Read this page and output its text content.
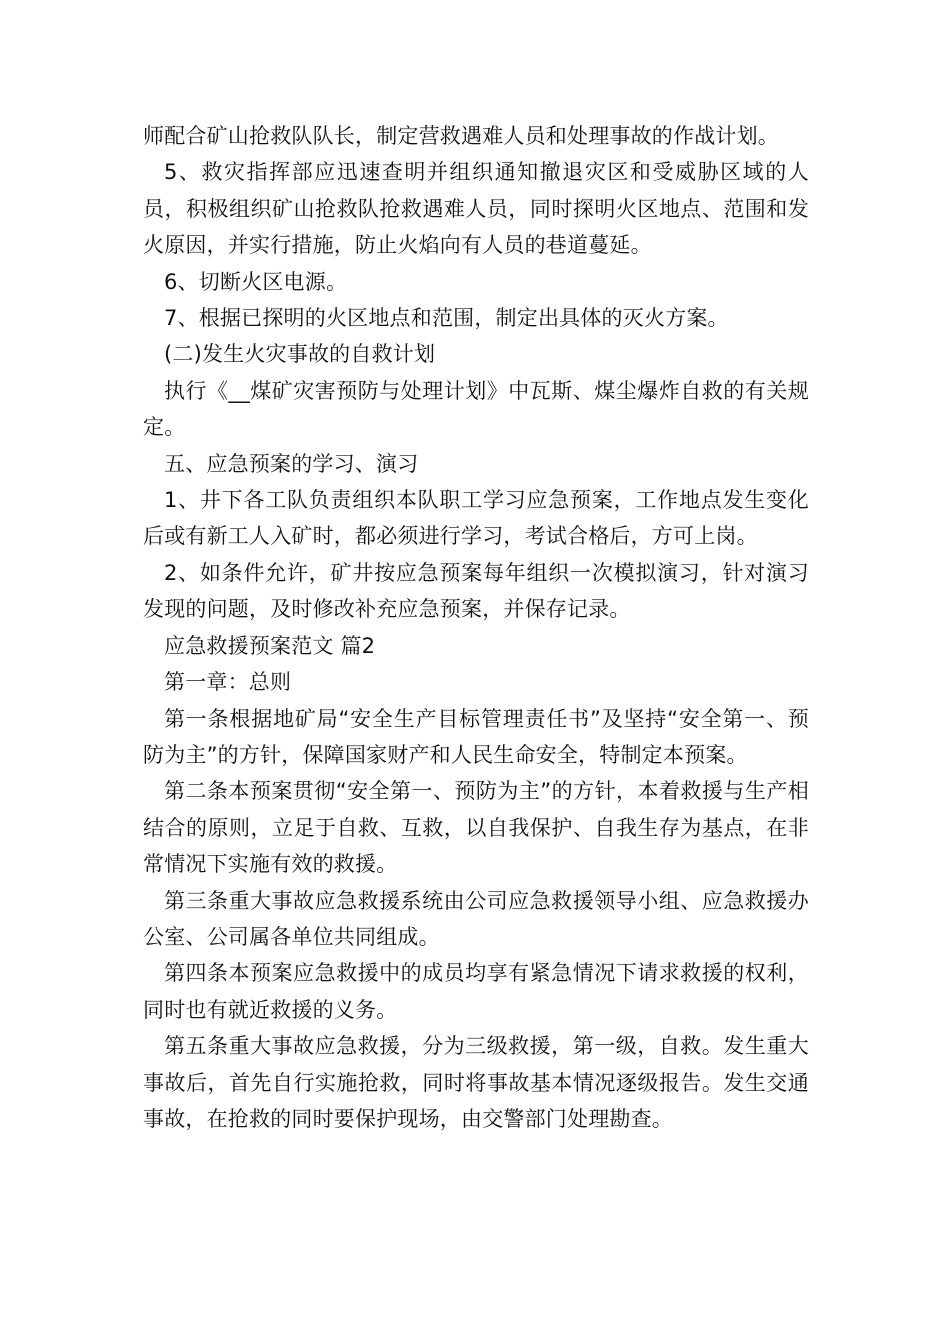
师配合矿山抢救队队长，制定营救遇难人员和处理事故的作战计划。

5、救灾指挥部应迅速查明并组织通知撤退灾区和受威胁区域的人员，积极组织矿山抢救队抢救遇难人员，同时探明火区地点、范围和发火原因，并实行措施，防止火焰向有人员的巷道蔓延。

6、切断火区电源。

7、根据已探明的火区地点和范围，制定出具体的灭火方案。

(二)发生火灾事故的自救计划

执行《__煤矿灾害预防与处理计划》中瓦斯、煤尘爆炸自救的有关规定。

五、应急预案的学习、演习

1、井下各工队负责组织本队职工学习应急预案，工作地点发生变化后或有新工人入矿时，都必须进行学习，考试合格后，方可上岗。

2、如条件允许，矿井按应急预案每年组织一次模拟演习，针对演习发现的问题，及时修改补充应急预案，并保存记录。

应急救援预案范文 篇2

第一章：总则

第一条根据地矿局“安全生产目标管理责任书”及坚持“安全第一、预防为主”的方针，保障国家财产和人民生命安全，特制定本预案。

第二条本预案贯彻“安全第一、预防为主”的方针，本着救援与生产相结合的原则，立足于自救、互救，以自我保护、自我生存为基点，在非常情况下实施有效的救援。

第三条重大事故应急救援系统由公司应急救援领导小组、应急救援办公室、公司属各单位共同组成。

第四条本预案应急救援中的成员均享有紧急情况下请求救援的权利，同时也有就近救援的义务。

第五条重大事故应急救援，分为三级救援，第一级，自救。发生重大事故后，首先自行实施抢救，同时将事故基本情况逐级报告。发生交通事故，在抢救的同时要保护现场，由交警部门处理勘查。
